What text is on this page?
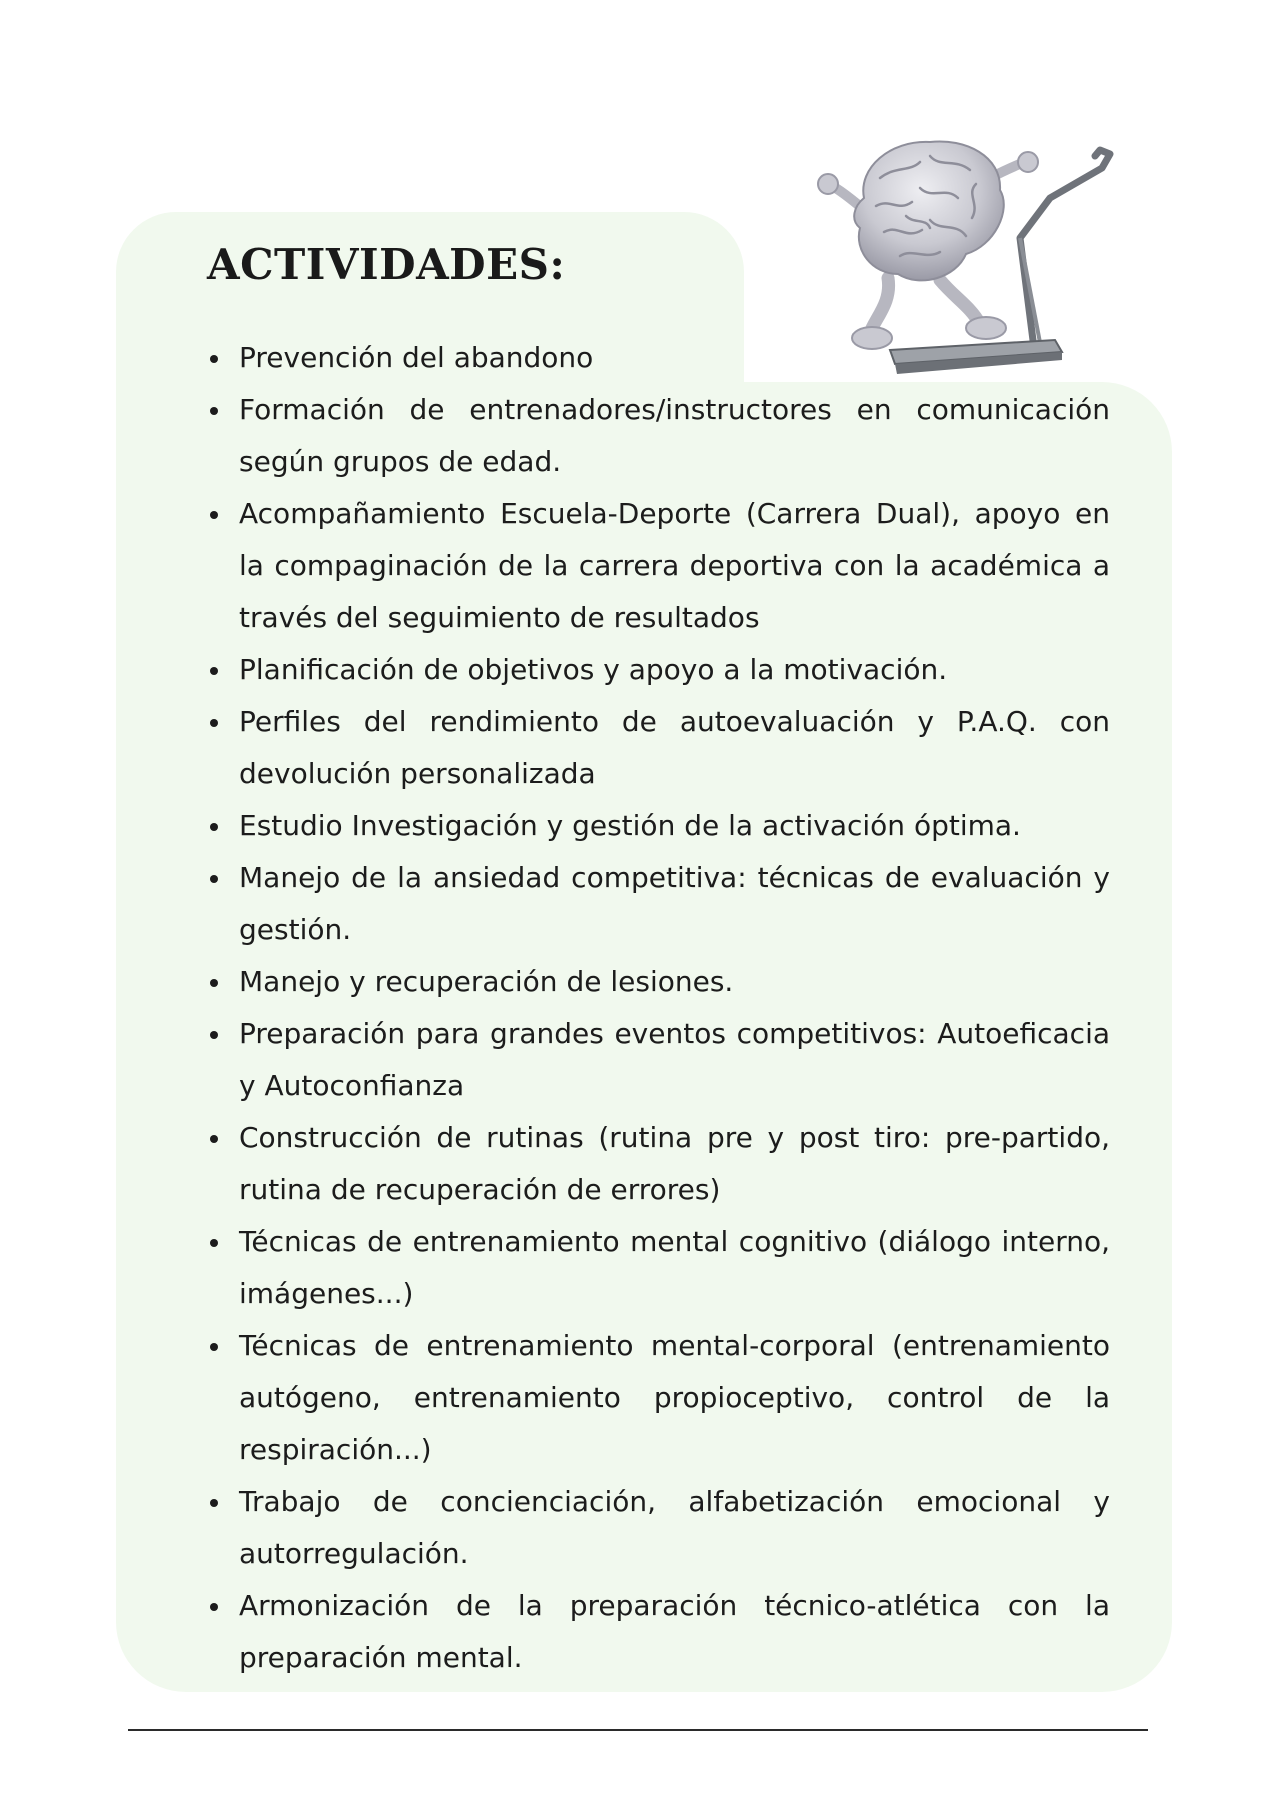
ACTIVIDADES:
Prevención del abandono
Formación de entrenadores/instructores en comunicación según grupos de edad.
Acompañamiento Escuela-Deporte (Carrera Dual), apoyo en la compaginación de la carrera deportiva con la académica a través del seguimiento de resultados
Planificación de objetivos y apoyo a la motivación.
Perfiles del rendimiento de autoevaluación y P.A.Q. con devolución personalizada
Estudio Investigación y gestión de la activación óptima.
Manejo de la ansiedad competitiva: técnicas de evaluación y gestión.
Manejo y recuperación de lesiones.
Preparación para grandes eventos competitivos: Autoeficacia y Autoconfianza
Construcción de rutinas (rutina pre y post tiro: pre-partido, rutina de recuperación de errores)
Técnicas de entrenamiento mental cognitivo (diálogo interno, imágenes...)
Técnicas de entrenamiento mental-corporal (entrenamiento autógeno, entrenamiento propioceptivo, control de la respiración...)
Trabajo de concienciación, alfabetización emocional y autorregulación.
Armonización de la preparación técnico-atlética con la preparación mental.
